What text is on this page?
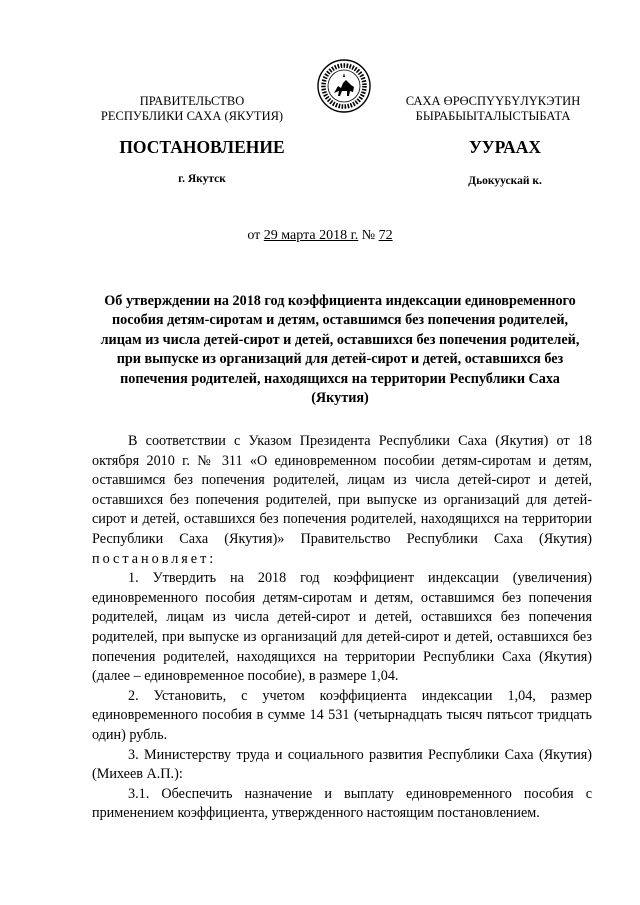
ПРАВИТЕЛЬСТВО
РЕСПУБЛИКИ САХА (ЯКУТИЯ)
САХА ӨРӨСПҮҮБҮЛҮКЭТИН
БЫРАБЫЫТАЛЫСТЫБАТА
ПОСТАНОВЛЕНИЕ	УУРААХ
г. Якутск	Дьокуускай к.
от 29 марта 2018 г. № 72
Об утверждении на 2018 год коэффициента индексации единовременного пособия детям-сиротам и детям, оставшимся без попечения родителей, лицам из числа детей-сирот и детей, оставшихся без попечения родителей, при выпуске из организаций для детей-сирот и детей, оставшихся без попечения родителей, находящихся на территории Республики Саха (Якутия)

В соответствии с Указом Президента Республики Саха (Якутия) от 18 октября 2010 г. № 311 «О единовременном пособии детям-сиротам и детям, оставшимся без попечения родителей, лицам из числа детей-сирот и детей, оставшихся без попечения родителей, при выпуске из организаций для детей-сирот и детей, оставшихся без попечения родителей, находящихся на территории Республики Саха (Якутия)» Правительство Республики Саха (Якутия) постановляет:

1. Утвердить на 2018 год коэффициент индексации (увеличения) единовременного пособия детям-сиротам и детям, оставшимся без попечения родителей, лицам из числа детей-сирот и детей, оставшихся без попечения родителей, при выпуске из организаций для детей-сирот и детей, оставшихся без попечения родителей, находящихся на территории Республики Саха (Якутия) (далее – единовременное пособие), в размере 1,04.

2. Установить, с учетом коэффициента индексации 1,04, размер единовременного пособия в сумме 14 531 (четырнадцать тысяч пятьсот тридцать один) рубль.

3. Министерству труда и социального развития Республики Саха (Якутия) (Михеев А.П.):

3.1. Обеспечить назначение и выплату единовременного пособия с применением коэффициента, утвержденного настоящим постановлением.
